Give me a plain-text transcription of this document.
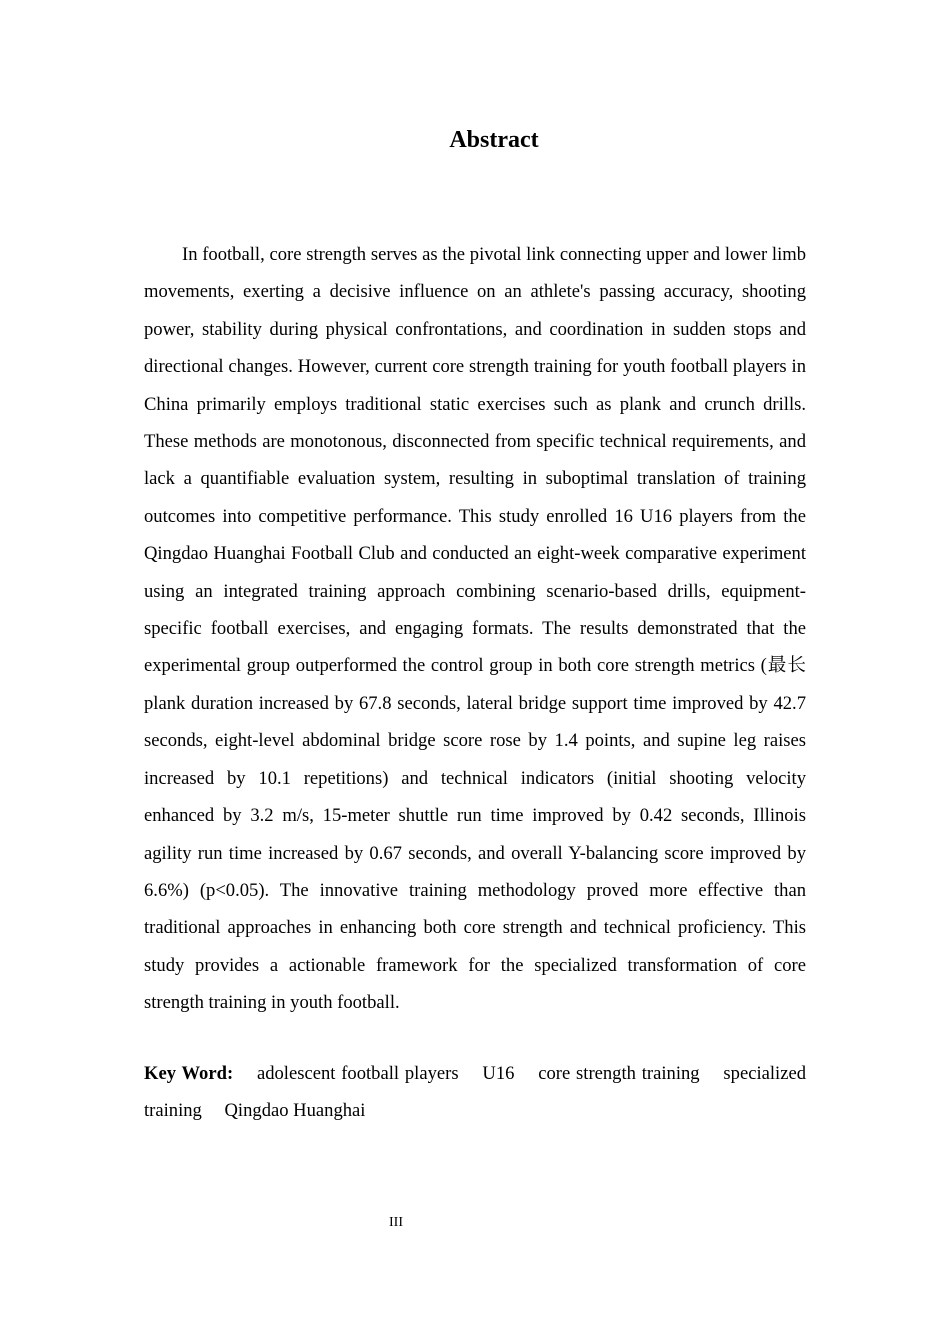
Abstract

In football, core strength serves as the pivotal link connecting upper and lower limb movements, exerting a decisive influence on an athlete's passing accuracy, shooting power, stability during physical confrontations, and coordination in sudden stops and directional changes. However, current core strength training for youth football players in China primarily employs traditional static exercises such as plank and crunch drills. These methods are monotonous, disconnected from specific technical requirements, and lack a quantifiable evaluation system, resulting in suboptimal translation of training outcomes into competitive performance. This study enrolled 16 U16 players from the Qingdao Huanghai Football Club and conducted an eight-week comparative experiment using an integrated training approach combining scenario-based drills, equipment-specific football exercises, and engaging formats. The results demonstrated that the experimental group outperformed the control group in both core strength metrics (最长 plank duration increased by 67.8 seconds, lateral bridge support time improved by 42.7 seconds, eight-level abdominal bridge score rose by 1.4 points, and supine leg raises increased by 10.1 repetitions) and technical indicators (initial shooting velocity enhanced by 3.2 m/s, 15-meter shuttle run time improved by 0.42 seconds, Illinois agility run time increased by 0.67 seconds, and overall Y-balancing score improved by 6.6%) (p<0.05). The innovative training methodology proved more effective than traditional approaches in enhancing both core strength and technical proficiency. This study provides a actionable framework for the specialized transformation of core strength training in youth football.

Key Word: adolescent football players U16 core strength training specialized training Qingdao Huanghai

III
